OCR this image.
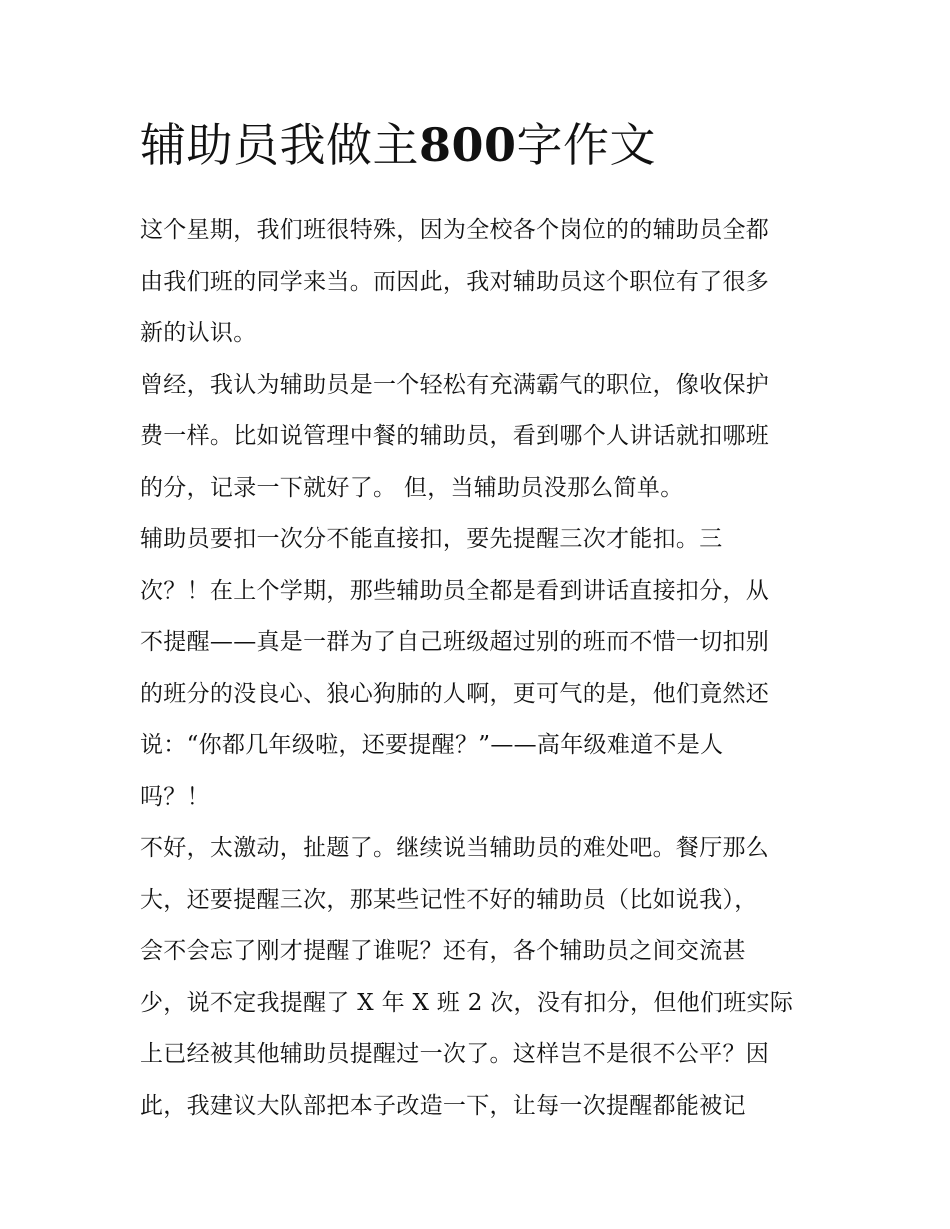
辅助员我做主800字作文
这个星期，我们班很特殊，因为全校各个岗位的的辅助员全都
由我们班的同学来当。而因此，我对辅助员这个职位有了很多
新的认识。
曾经，我认为辅助员是一个轻松有充满霸气的职位，像收保护
费一样。比如说管理中餐的辅助员，看到哪个人讲话就扣哪班
的分，记录一下就好了。 但，当辅助员没那么简单。
辅助员要扣一次分不能直接扣，要先提醒三次才能扣。三
次？！在上个学期，那些辅助员全都是看到讲话直接扣分，从
不提醒——真是一群为了自己班级超过别的班而不惜一切扣别
的班分的没良心、狼心狗肺的人啊，更可气的是，他们竟然还
说：“你都几年级啦，还要提醒？”——高年级难道不是人
吗？！
不好，太激动，扯题了。继续说当辅助员的难处吧。餐厅那么
大，还要提醒三次，那某些记性不好的辅助员（比如说我），
会不会忘了刚才提醒了谁呢？还有，各个辅助员之间交流甚
少，说不定我提醒了 X 年 X 班 2 次，没有扣分，但他们班实际
上已经被其他辅助员提醒过一次了。这样岂不是很不公平？因
此，我建议大队部把本子改造一下，让每一次提醒都能被记
